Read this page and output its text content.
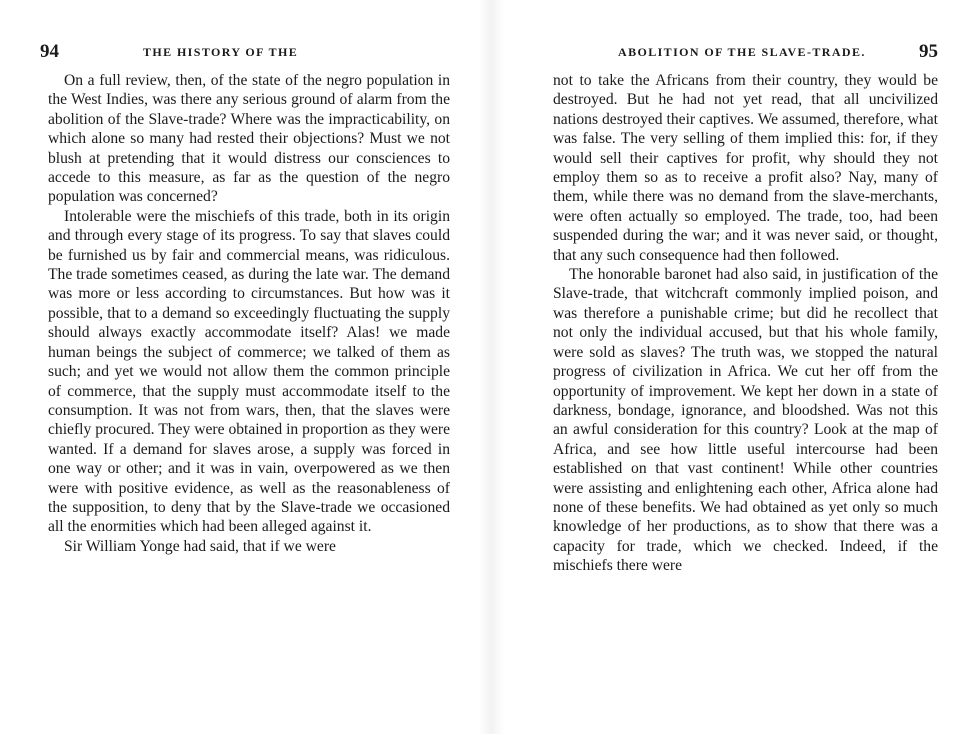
94	THE HISTORY OF THE

On a full review, then, of the state of the negro population in the West Indies, was there any serious ground of alarm from the abolition of the Slave-trade? Where was the impracticability, on which alone so many had rested their objections? Must we not blush at pretending that it would distress our consciences to accede to this measure, as far as the question of the negro population was concerned?

Intolerable were the mischiefs of this trade, both in its origin and through every stage of its progress. To say that slaves could be furnished us by fair and commercial means, was ridiculous. The trade sometimes ceased, as during the late war. The demand was more or less according to circumstances. But how was it possible, that to a demand so exceedingly fluctuating the supply should always exactly accommodate itself? Alas! we made human beings the subject of commerce; we talked of them as such; and yet we would not allow them the common principle of commerce, that the supply must accommodate itself to the consumption. It was not from wars, then, that the slaves were chiefly procured. They were obtained in proportion as they were wanted. If a demand for slaves arose, a supply was forced in one way or other; and it was in vain, overpowered as we then were with positive evidence, as well as the reasonableness of the supposition, to deny that by the Slave-trade we occasioned all the enormities which had been alleged against it.

Sir William Yonge had said, that if we were

ABOLITION OF THE SLAVE-TRADE.	95

not to take the Africans from their country, they would be destroyed. But he had not yet read, that all uncivilized nations destroyed their captives. We assumed, therefore, what was false. The very selling of them implied this: for, if they would sell their captives for profit, why should they not employ them so as to receive a profit also? Nay, many of them, while there was no demand from the slave-merchants, were often actually so employed. The trade, too, had been suspended during the war; and it was never said, or thought, that any such consequence had then followed.

The honorable baronet had also said, in justification of the Slave-trade, that witchcraft commonly implied poison, and was therefore a punishable crime; but did he recollect that not only the individual accused, but that his whole family, were sold as slaves? The truth was, we stopped the natural progress of civilization in Africa. We cut her off from the opportunity of improvement. We kept her down in a state of darkness, bondage, ignorance, and bloodshed. Was not this an awful consideration for this country? Look at the map of Africa, and see how little useful intercourse had been established on that vast continent! While other countries were assisting and enlightening each other, Africa alone had none of these benefits. We had obtained as yet only so much knowledge of her productions, as to show that there was a capacity for trade, which we checked. Indeed, if the mischiefs there were
